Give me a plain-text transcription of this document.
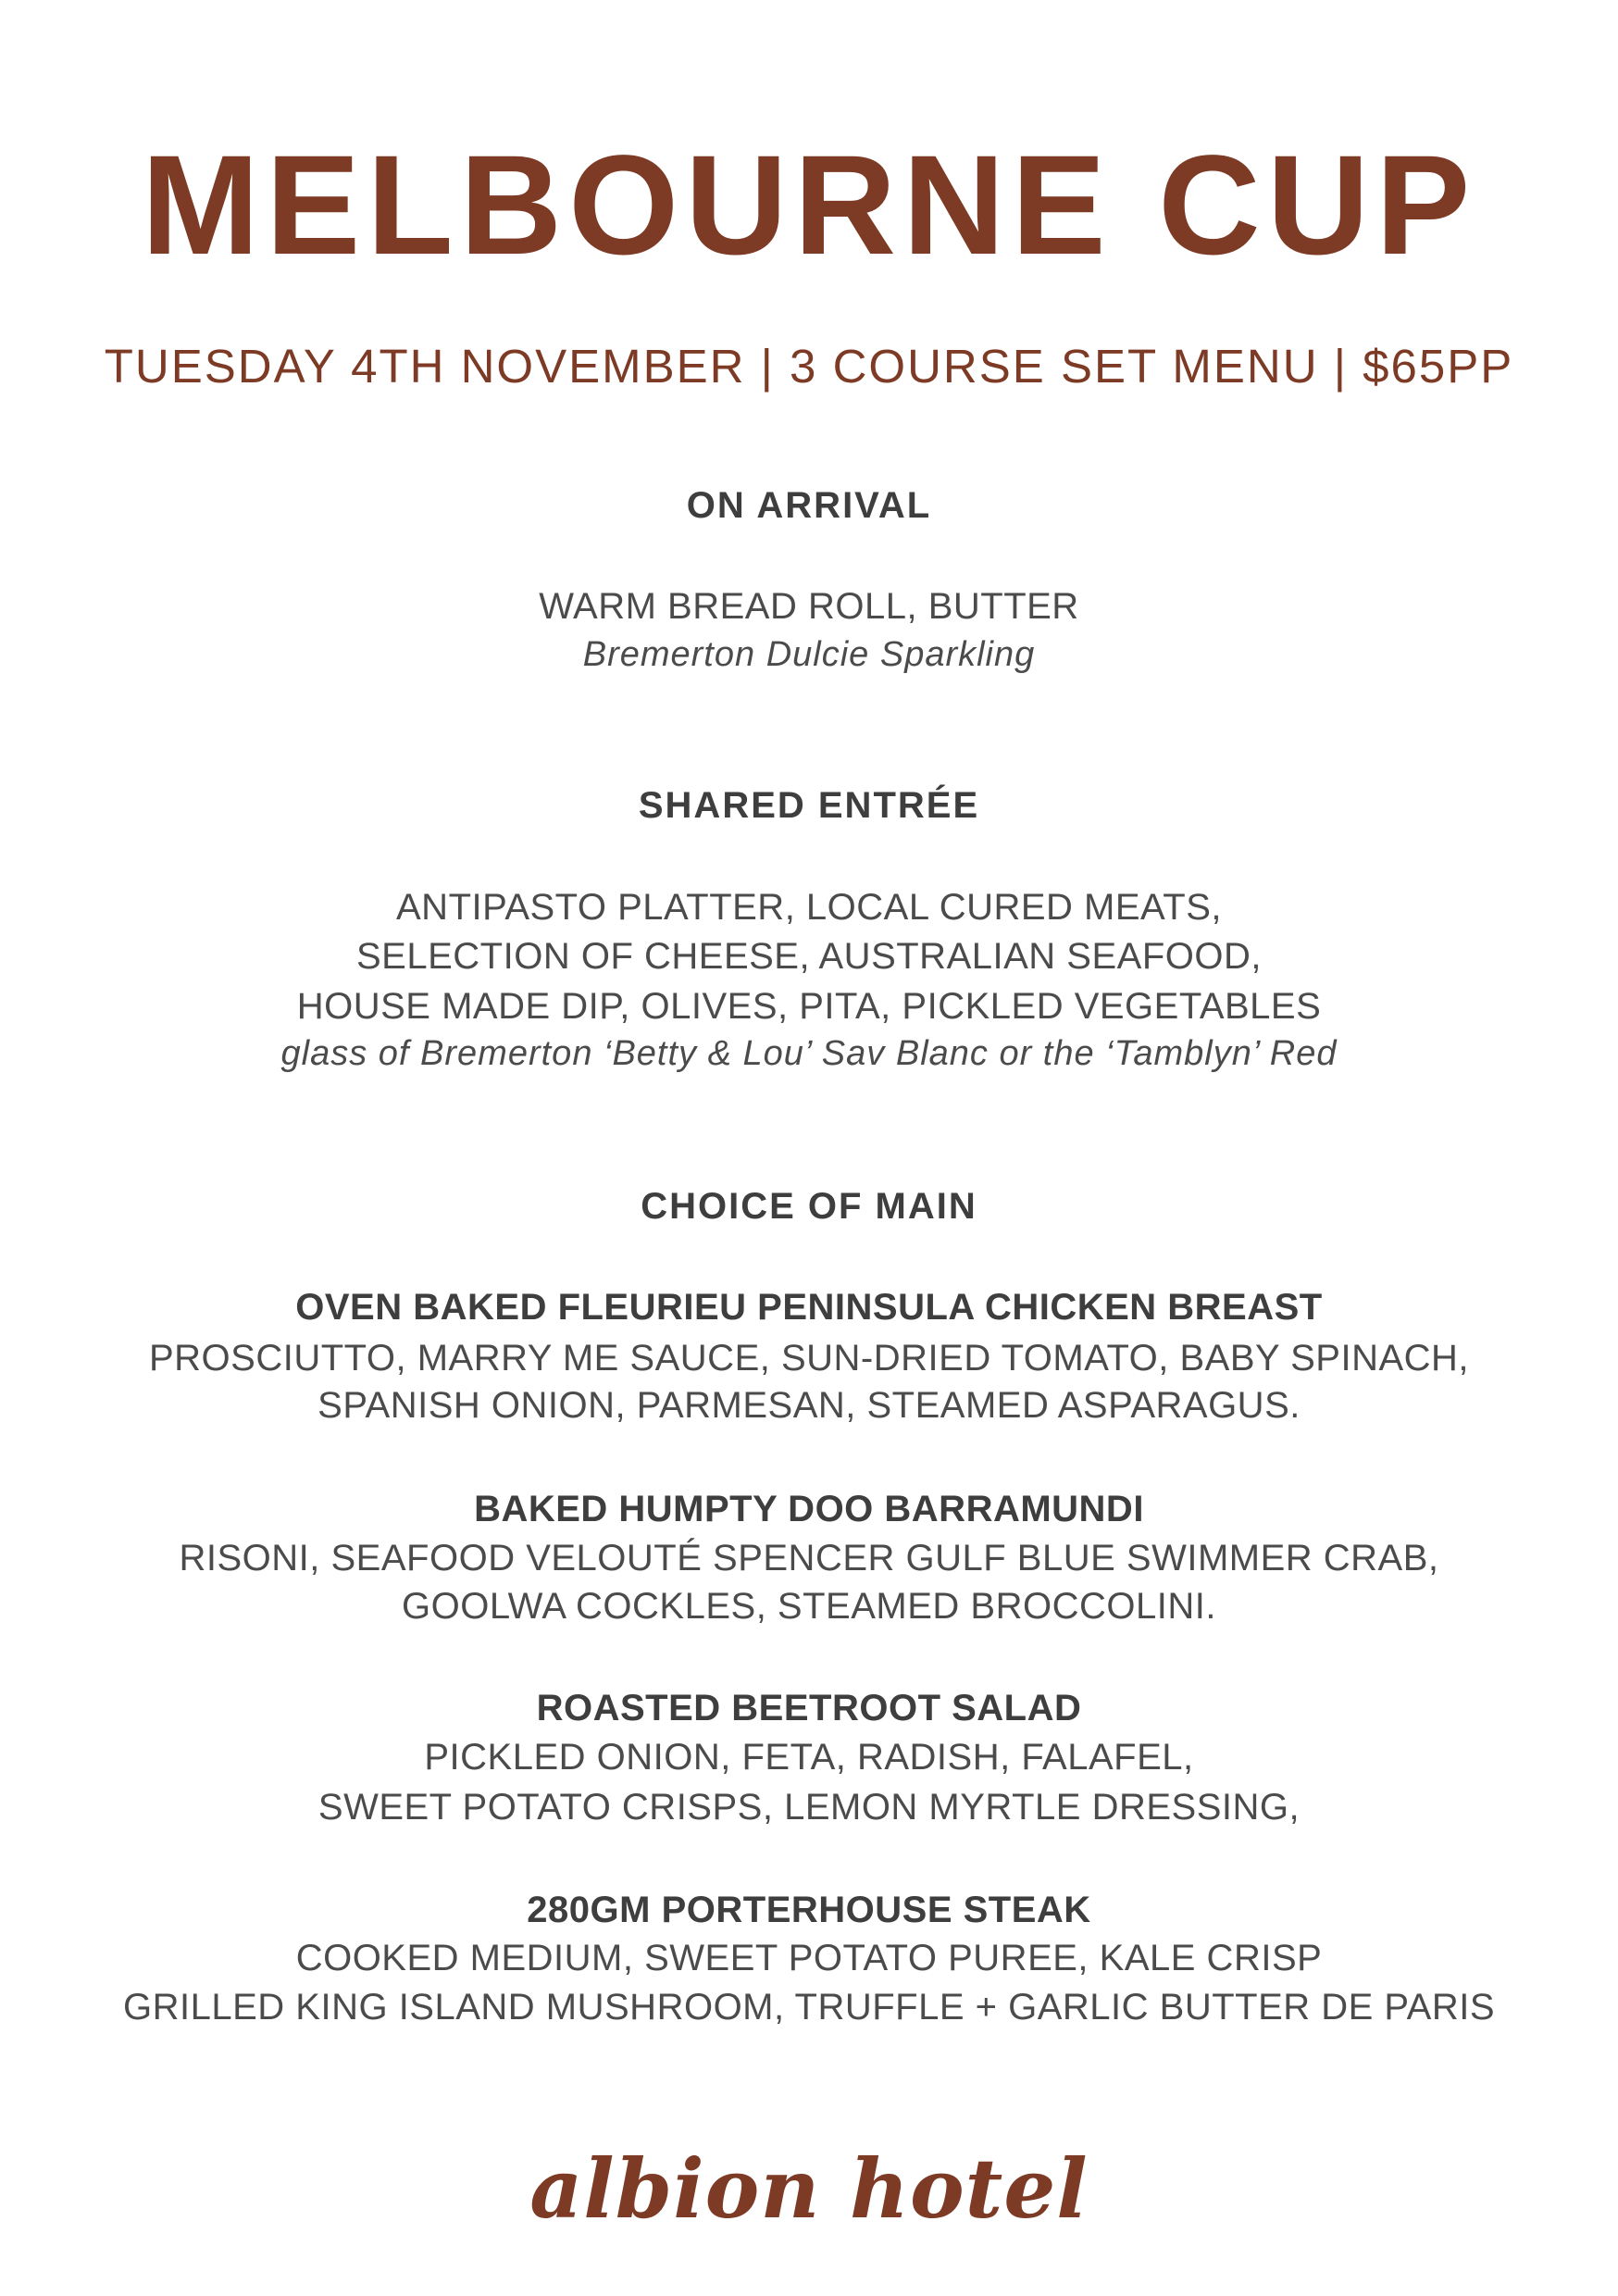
MELBOURNE CUP
TUESDAY 4TH NOVEMBER | 3 COURSE SET MENU | $65PP
ON ARRIVAL
WARM BREAD ROLL, BUTTER
Bremerton Dulcie Sparkling
SHARED ENTRÉE
ANTIPASTO PLATTER, LOCAL CURED MEATS,
SELECTION OF CHEESE, AUSTRALIAN SEAFOOD,
HOUSE MADE DIP, OLIVES, PITA, PICKLED VEGETABLES
glass of Bremerton ‘Betty & Lou’ Sav Blanc or the ‘Tamblyn’ Red
CHOICE OF MAIN
OVEN BAKED FLEURIEU PENINSULA CHICKEN BREAST
PROSCIUTTO, MARRY ME SAUCE, SUN-DRIED TOMATO, BABY SPINACH,
SPANISH ONION, PARMESAN, STEAMED ASPARAGUS.
BAKED HUMPTY DOO BARRAMUNDI
RISONI, SEAFOOD VELOUTÉ SPENCER GULF BLUE SWIMMER CRAB,
GOOLWA COCKLES, STEAMED BROCCOLINI.
ROASTED BEETROOT SALAD
PICKLED ONION, FETA, RADISH, FALAFEL,
SWEET POTATO CRISPS, LEMON MYRTLE DRESSING,
280GM PORTERHOUSE STEAK
COOKED MEDIUM, SWEET POTATO PUREE, KALE CRISP
GRILLED KING ISLAND MUSHROOM, TRUFFLE + GARLIC BUTTER DE PARIS
albion hotel
